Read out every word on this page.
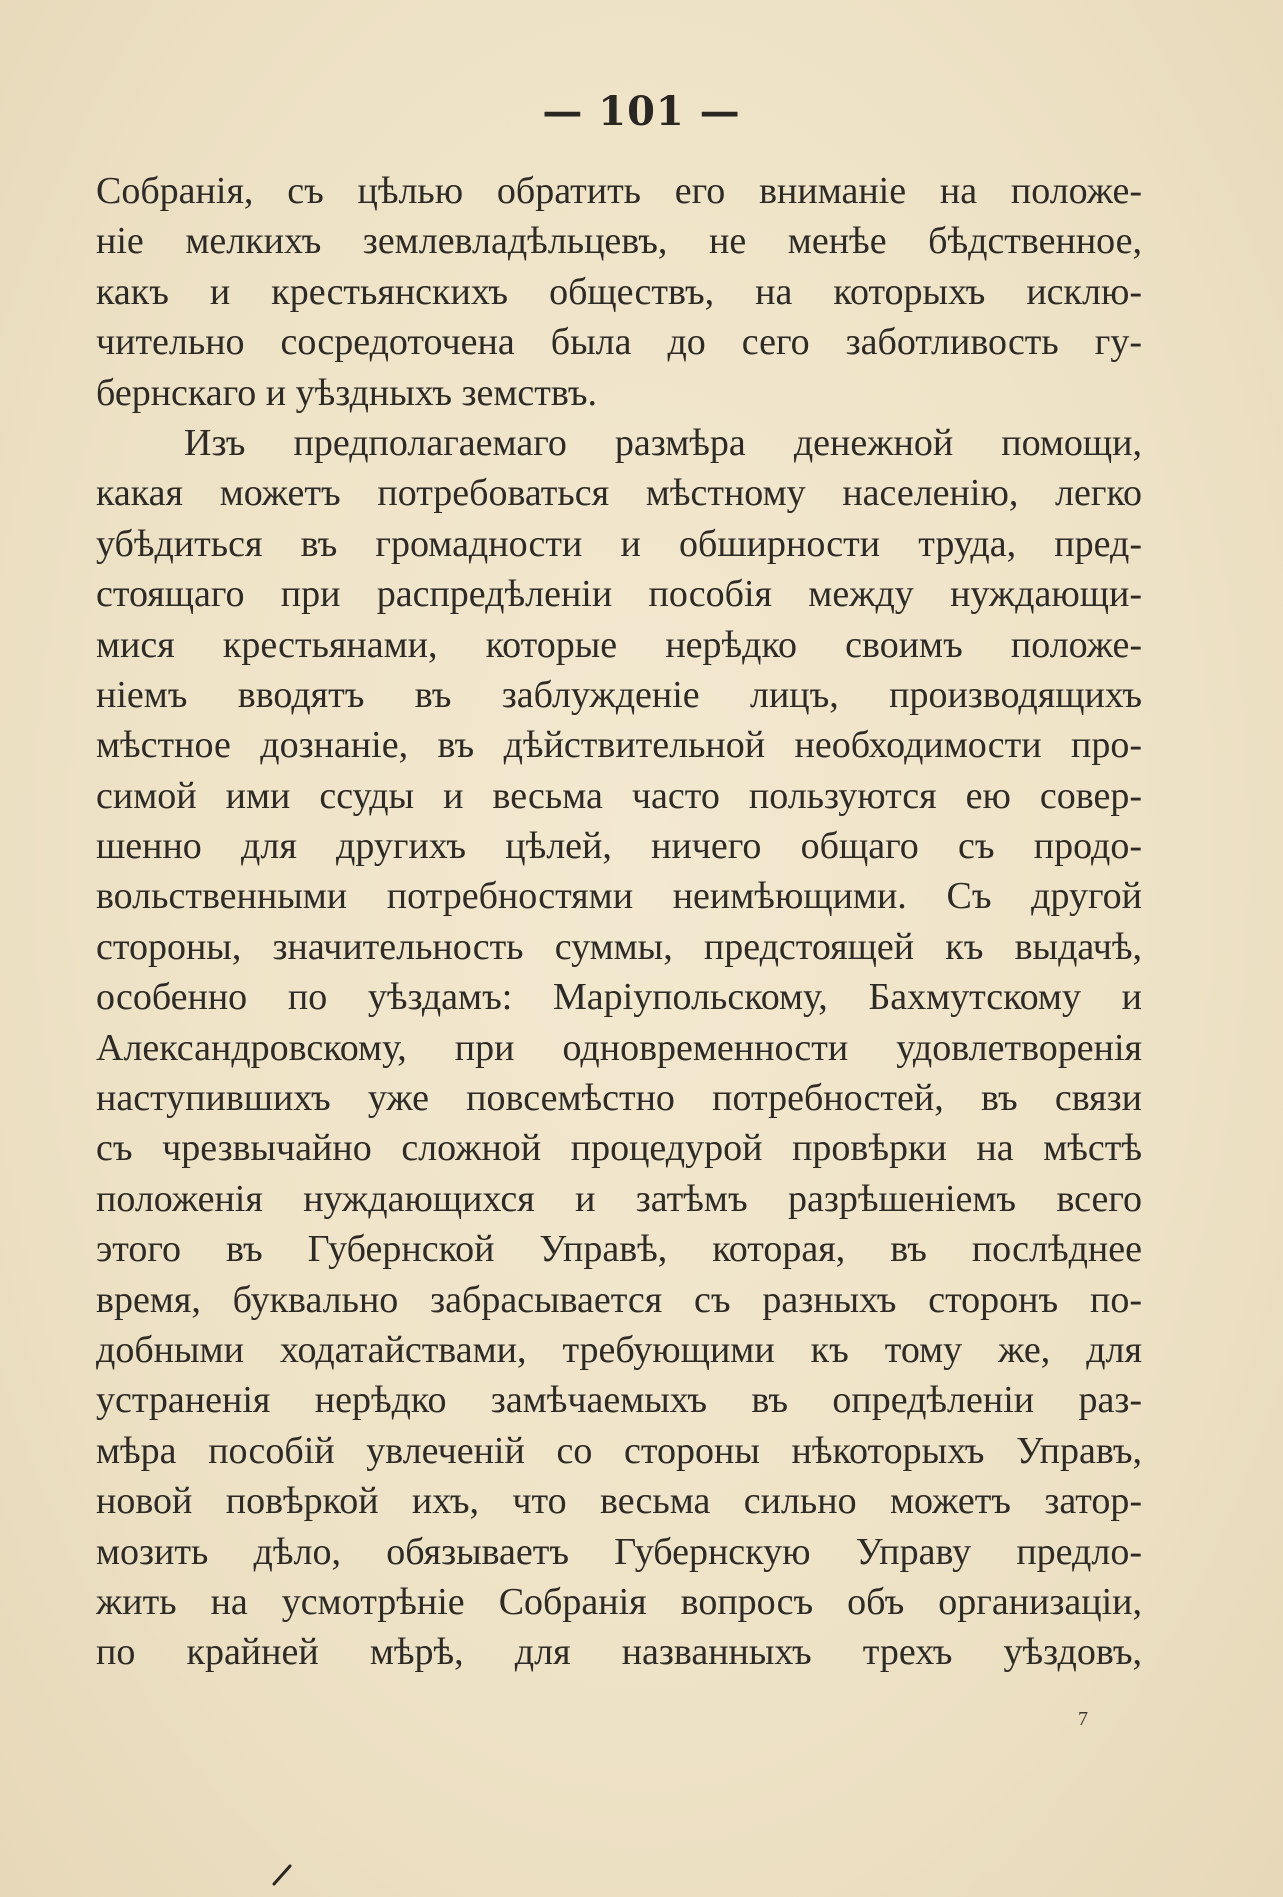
— 101 —
Собранія, съ цѣлью обратить его вниманіе на положе-
ніе мелкихъ землевладѣльцевъ, не менѣе бѣдственное,
какъ и крестьянскихъ обществъ, на которыхъ исклю-
чительно сосредоточена была до сего заботливость гу-
бернскаго и уѣздныхъ земствъ.
Изъ предполагаемаго размѣра денежной помощи,
какая можетъ потребоваться мѣстному населенію, легко
убѣдиться въ громадности и обширности труда, пред-
стоящаго при распредѣленіи пособія между нуждающи-
мися крестьянами, которые нерѣдко своимъ положе-
ніемъ вводятъ въ заблужденіе лицъ, производящихъ
мѣстное дознаніе, въ дѣйствительной необходимости про-
симой ими ссуды и весьма часто пользуются ею совер-
шенно для другихъ цѣлей, ничего общаго съ продо-
вольственными потребностями неимѣющими. Съ другой
стороны, значительность суммы, предстоящей къ выдачѣ,
особенно по уѣздамъ: Маріупольскому, Бахмутскому и
Александровскому, при одновременности удовлетворенія
наступившихъ уже повсемѣстно потребностей, въ связи
съ чрезвычайно сложной процедурой провѣрки на мѣстѣ
положенія нуждающихся и затѣмъ разрѣшеніемъ всего
этого въ Губернской Управѣ, которая, въ послѣднее
время, буквально забрасывается съ разныхъ сторонъ по-
добными ходатайствами, требующими къ тому же, для
устраненія нерѣдко замѣчаемыхъ въ опредѣленіи раз-
мѣра пособій увлеченій со стороны нѣкоторыхъ Управъ,
новой повѣркой ихъ, что весьма сильно можетъ затор-
мозить дѣло, обязываетъ Губернскую Управу предло-
жить на усмотрѣніе Собранія вопросъ объ организаціи,
по крайней мѣрѣ, для названныхъ трехъ уѣздовъ,
7
